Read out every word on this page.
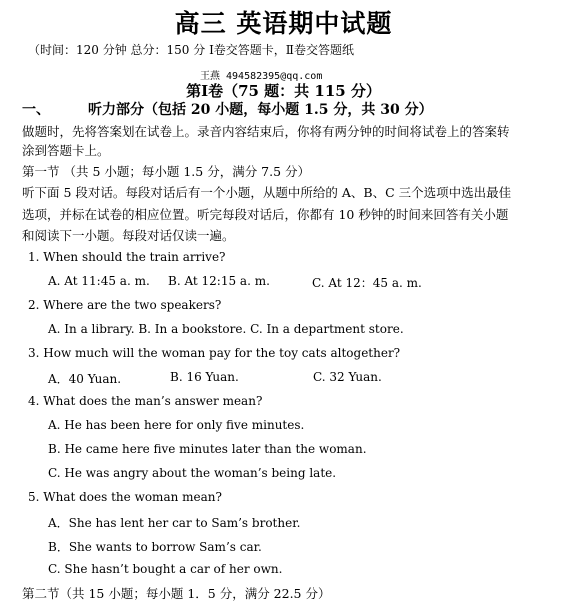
高三 英语期中试题
（时间：120 分钟 总分：150 分 Ⅰ卷交答题卡，Ⅱ卷交答题纸
王燕 494582395@qq.com
第Ⅰ卷（75 题：共 115 分）
一、	听力部分（包括 20 小题，每小题 1.5 分，共 30 分）
做题时，先将答案划在试卷上。录音内容结束后，你将有两分钟的时间将试卷上的答案转
涂到答题卡上。
第一节 （共 5 小题；每小题 1.5 分，满分 7.5 分）
听下面 5 段对话。每段对话后有一个小题，从题中所给的 A、B、C 三个选项中选出最佳
选项，并标在试卷的相应位置。听完每段对话后，你都有 10 秒钟的时间来回答有关小题
和阅读下一小题。每段对话仅读一遍。
1. When should the train arrive?
A. At 11:45 a. m. B. At 12:15 a. m.	C. At 12：45 a. m.
2. Where are the two speakers?
A. In a library. B. In a bookstore. C. In a department store.
3. How much will the woman pay for the toy cats altogether?
A．40 Yuan.	B. 16 Yuan.	C. 32 Yuan.
4. What does the man’s answer mean?
A. He has been here for only five minutes.
B. He came here five minutes later than the woman.
C. He was angry about the woman’s being late.
5. What does the woman mean?
A．She has lent her car to Sam’s brother.
B．She wants to borrow Sam’s car.
C. She hasn’t bought a car of her own.
第二节（共 15 小题；每小题 1．5 分，满分 22.5 分）
